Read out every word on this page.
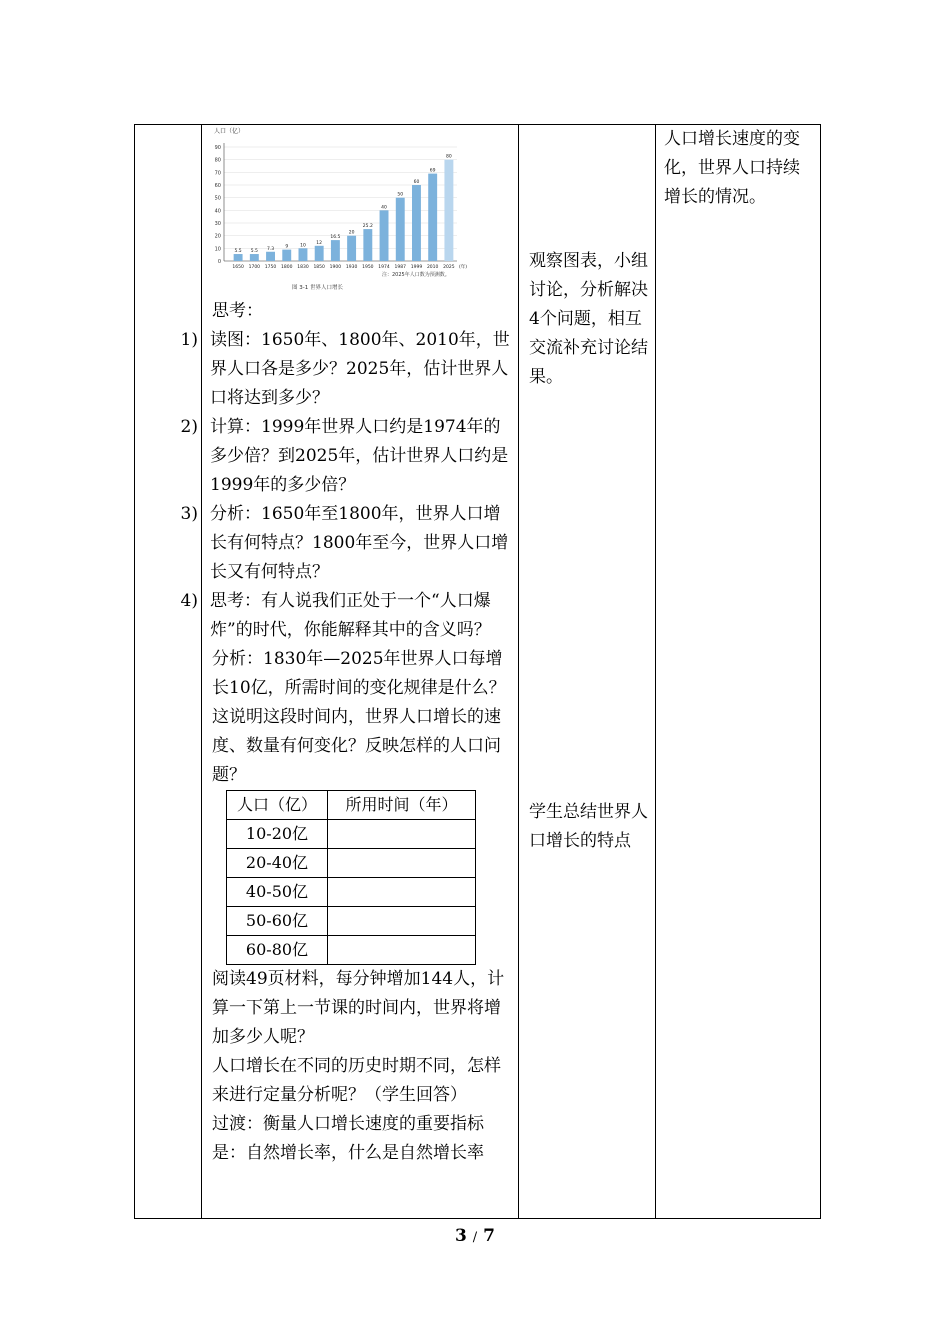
人口（亿）
0
10
20
30
40
50
60
70
80
90
5.5
1650
5.5
1700
7.3
1750
9
1800
10
1830
12
1850
16.5
1900
20
1930
25.2
1950
40
1974
50
1987
60
1999
69
2010
80
2025 (年)
注：2025年人口数为预测数。
图 3-1 世界人口增长
思考：
1) 读图：1650年、1800年、2010年，世界人口各是多少？2025年，估计世界人口将达到多少？
2) 计算：1999年世界人口约是1974年的多少倍？到2025年，估计世界人口约是1999年的多少倍？
3) 分析：1650年至1800年，世界人口增长有何特点？1800年至今，世界人口增长又有何特点？
4) 思考：有人说我们正处于一个“人口爆炸”的时代，你能解释其中的含义吗？
分析：1830年—2025年世界人口每增长10亿，所需时间的变化规律是什么？这说明这段时间内，世界人口增长的速度、数量有何变化？反映怎样的人口问题？
人口（亿）	所用时间（年）
10-20亿	
20-40亿	
40-50亿	
50-60亿	
60-80亿	
阅读49页材料，每分钟增加144人，计算一下第上一节课的时间内，世界将增加多少人呢？
人口增长在不同的历史时期不同，怎样来进行定量分析呢？（学生回答）
过渡：衡量人口增长速度的重要指标是：自然增长率，什么是自然增长率

观察图表，小组讨论，分析解决4个问题，相互交流补充讨论结果。
学生总结世界人口增长的特点

人口增长速度的变化，世界人口持续增长的情况。
3 / 7
